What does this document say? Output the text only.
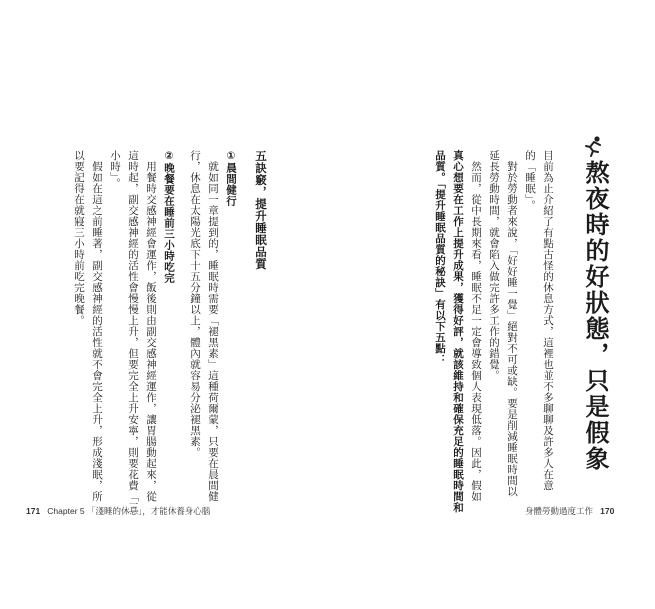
熬夜時的好狀態，只是假象
目前為止介紹了有點古怪的休息方式，這裡也並不多聊聊及許多人在意
的「睡眠」。
　對於勞動者來說，「好好睡一覺」絕對不可或缺。要是削減睡眠時間以
延長勞動時間，就會陷入做完許多工作的錯覺。
　然而，從中長期來看，睡眠不足一定會導致個人表現低落。因此，假如
真心想要在工作上提升成果，獲得好評，就該維持和確保充足的睡眠時間和
品質。「提升睡眠品質的秘訣」有以下五點：
身體勞動過度工作 170
五訣竅，提升睡眠品質
①晨間健行
　就如同一章提到的，睡眠時需要「褪黑素」這種荷爾蒙，只要在晨間健
行，休息在太陽光底下十五分鐘以上，體內就容易分泌褪黑素。
②晚餐要在睡前三小時吃完
　用餐時交感神經會運作，飯後則由副交感神經運作，讓胃腸動起來，從
這時起，副交感神經的活性會慢慢上升，但要完全上升安寧，則要花費「三
小時」。
　假如在這之前睡著，副交感神經的活性就不會完全上升，形成淺眠，所
以要記得在就寢三小時前吃完晚餐。
171 Chapter 5 「淺睡的休息」，才能休養身心腦
